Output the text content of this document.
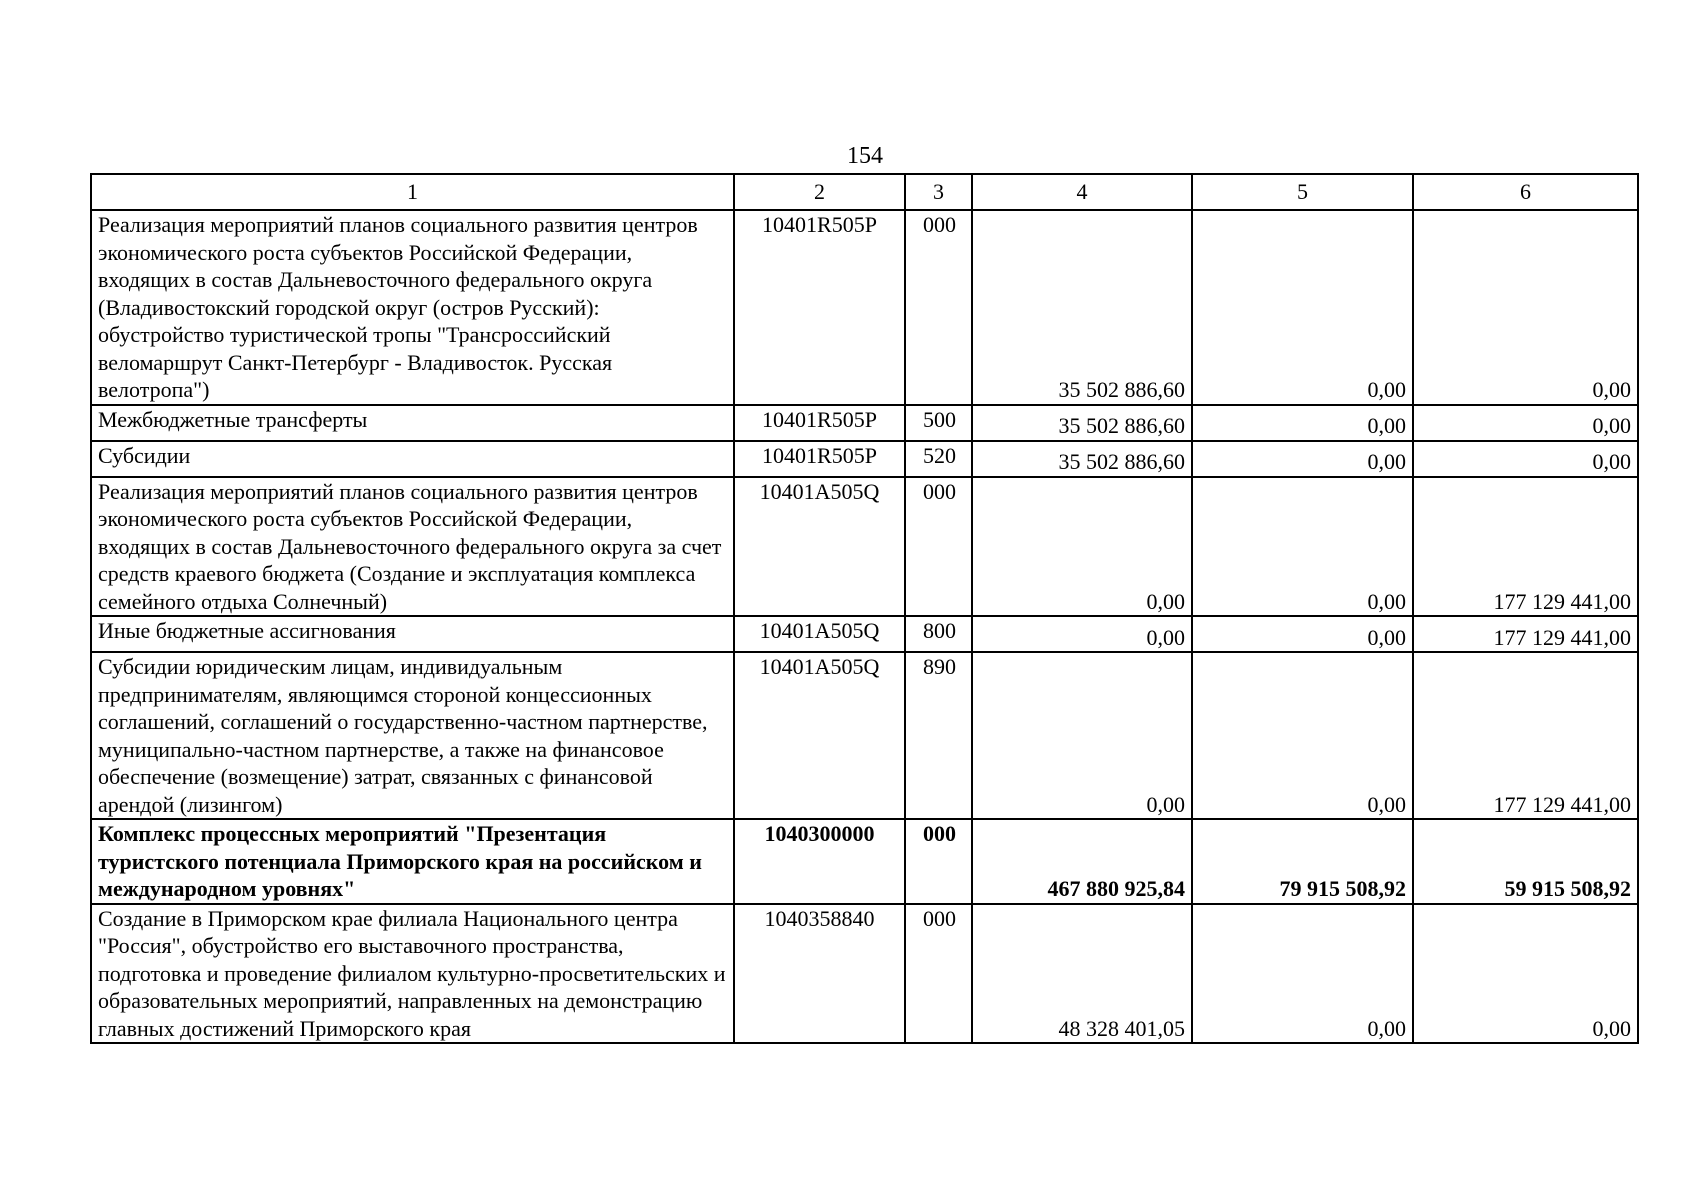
154
1	2	3	4	5	6
Реализация мероприятий планов социального развития центров экономического роста субъектов Российской Федерации, входящих в состав Дальневосточного федерального округа (Владивостокский городской округ (остров Русский): обустройство туристической тропы "Трансроссийский веломаршрут Санкт-Петербург - Владивосток. Русская велотропа")	10401R505P	000	35 502 886,60	0,00	0,00
Межбюджетные трансферты	10401R505P	500	35 502 886,60	0,00	0,00
Субсидии	10401R505P	520	35 502 886,60	0,00	0,00
Реализация мероприятий планов социального развития центров экономического роста субъектов Российской Федерации, входящих в состав Дальневосточного федерального округа за счет средств краевого бюджета (Создание и эксплуатация комплекса семейного отдыха Солнечный)	10401A505Q	000	0,00	0,00	177 129 441,00
Иные бюджетные ассигнования	10401A505Q	800	0,00	0,00	177 129 441,00
Субсидии юридическим лицам, индивидуальным предпринимателям, являющимся стороной концессионных соглашений, соглашений о государственно-частном партнерстве, муниципально-частном партнерстве, а также на финансовое обеспечение (возмещение) затрат, связанных с финансовой арендой (лизингом)	10401A505Q	890	0,00	0,00	177 129 441,00
Комплекс процессных мероприятий "Презентация туристского потенциала Приморского края на российском и международном уровнях"	1040300000	000	467 880 925,84	79 915 508,92	59 915 508,92
Создание в Приморском крае филиала Национального центра "Россия", обустройство его выставочного пространства, подготовка и проведение филиалом культурно-просветительских и образовательных мероприятий, направленных на демонстрацию главных достижений Приморского края	1040358840	000	48 328 401,05	0,00	0,00
